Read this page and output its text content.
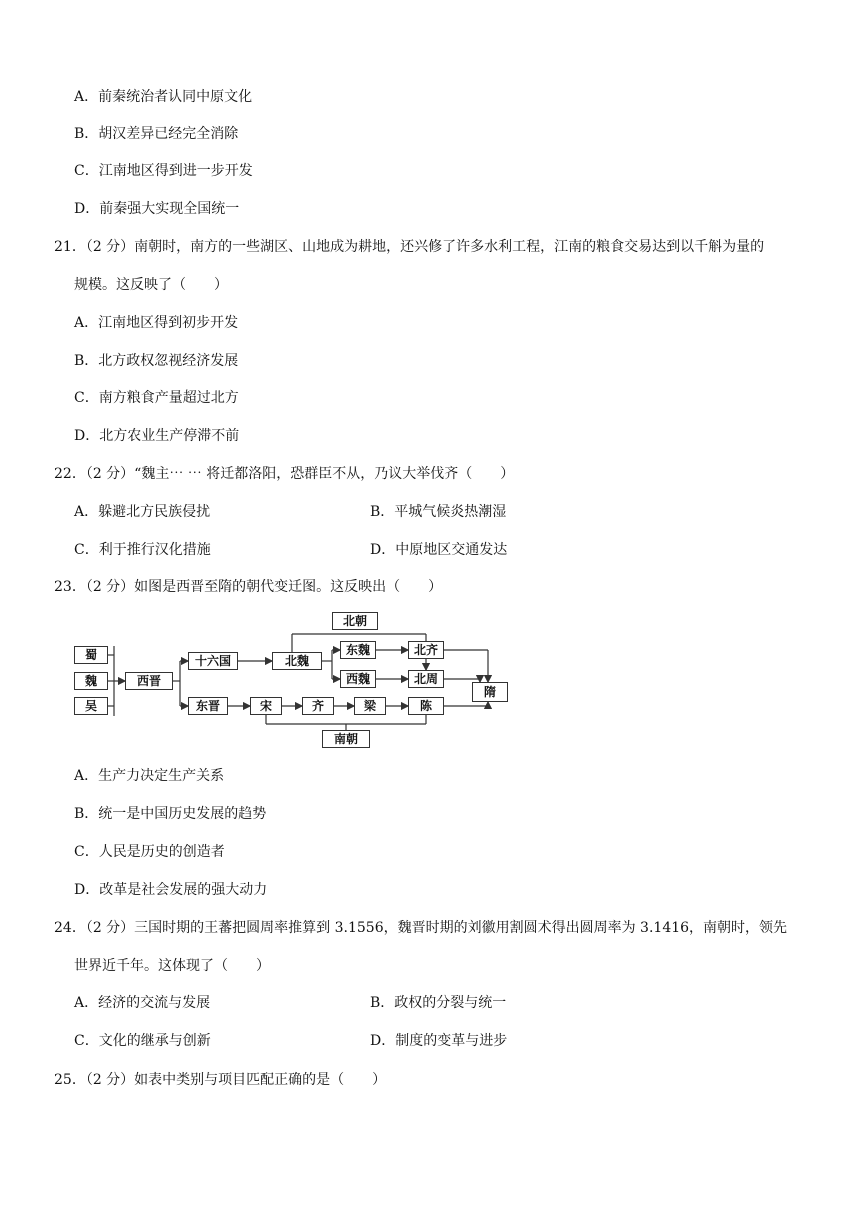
A．前秦统治者认同中原文化
B．胡汉差异已经完全消除
C．江南地区得到进一步开发
D．前秦强大实现全国统一
21．（2 分）南朝时，南方的一些湖区、山地成为耕地，还兴修了许多水利工程，江南的粮食交易达到以千斛为量的
规模。这反映了（　　）
A．江南地区得到初步开发
B．北方政权忽视经济发展
C．南方粮食产量超过北方
D．北方农业生产停滞不前
22．（2 分）“魏主⋯ ⋯ 将迁都洛阳，恐群臣不从，乃议大举伐齐（　　）
A．躲避北方民族侵扰	B．平城气候炎热潮湿
C．利于推行汉化措施	D．中原地区交通发达
23．（2 分）如图是西晋至隋的朝代变迁图。这反映出（　　）
蜀
魏
吴
西晋
十六国	北魏
东魏
西魏
北齐
北周
隋
东晋	宋	齐	梁	陈
北朝
南朝
A．生产力决定生产关系
B．统一是中国历史发展的趋势
C．人民是历史的创造者
D．改革是社会发展的强大动力
24．（2 分）三国时期的王蕃把圆周率推算到 3.1556，魏晋时期的刘徽用割圆术得出圆周率为 3.1416，南朝时，领先
世界近千年。这体现了（　　）
A．经济的交流与发展	B．政权的分裂与统一
C．文化的继承与创新	D．制度的变革与进步
25．（2 分）如表中类别与项目匹配正确的是（　　）
